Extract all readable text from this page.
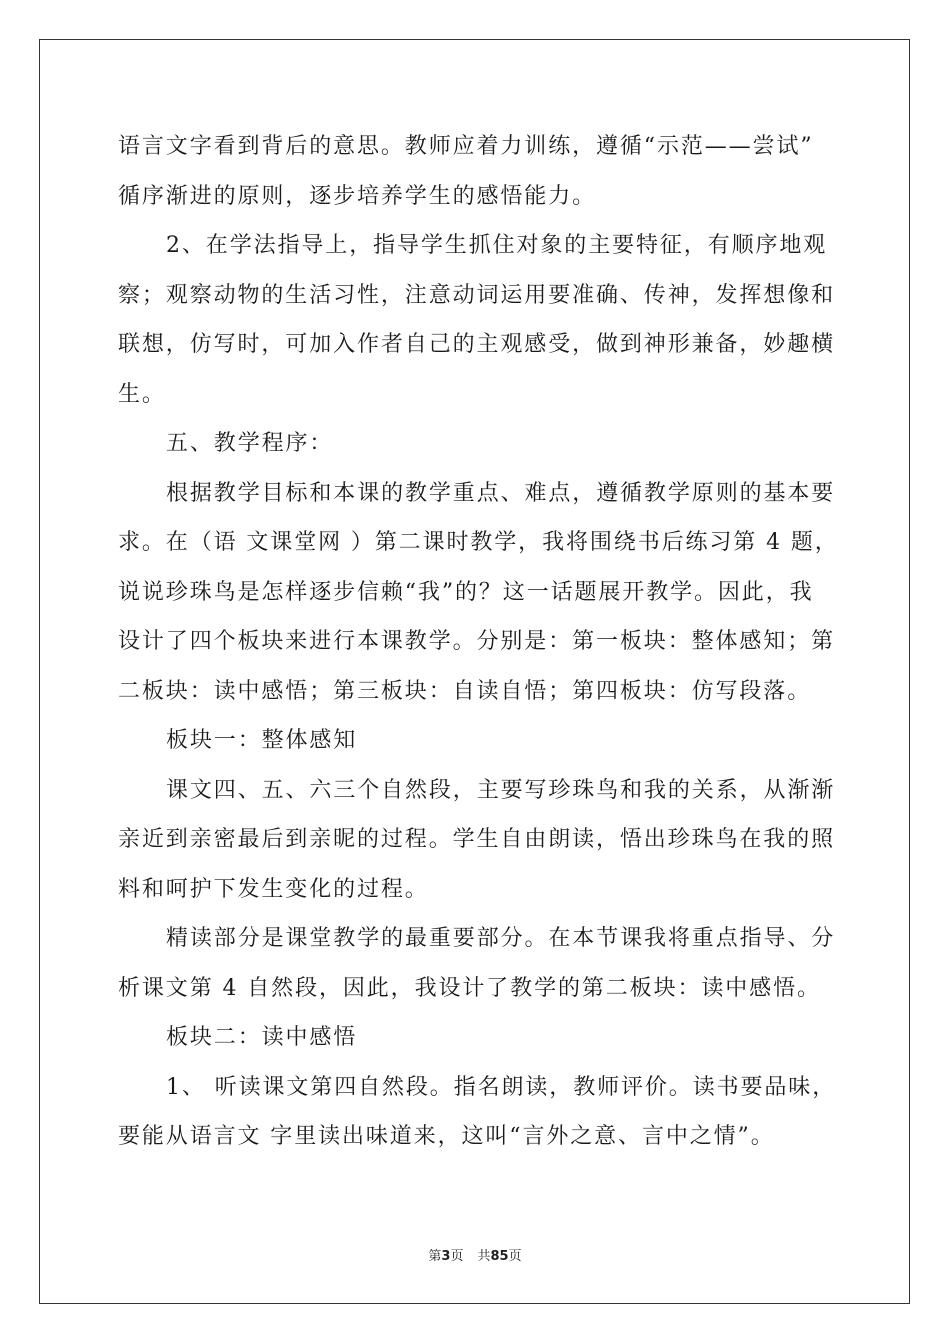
语言文字看到背后的意思。教师应着力训练，遵循“示范——尝试”
循序渐进的原则，逐步培养学生的感悟能力。
2、在学法指导上，指导学生抓住对象的主要特征，有顺序地观
察；观察动物的生活习性，注意动词运用要准确、传神，发挥想像和
联想，仿写时，可加入作者自己的主观感受，做到神形兼备，妙趣横
生。
五、教学程序：
根据教学目标和本课的教学重点、难点，遵循教学原则的基本要
求。在（语 文课堂网 ）第二课时教学，我将围绕书后练习第 4 题，
说说珍珠鸟是怎样逐步信赖“我”的？这一话题展开教学。因此，我
设计了四个板块来进行本课教学。分别是：第一板块：整体感知；第
二板块：读中感悟；第三板块：自读自悟；第四板块：仿写段落。
板块一：整体感知
课文四、五、六三个自然段，主要写珍珠鸟和我的关系，从渐渐
亲近到亲密最后到亲昵的过程。学生自由朗读，悟出珍珠鸟在我的照
料和呵护下发生变化的过程。
精读部分是课堂教学的最重要部分。在本节课我将重点指导、分
析课文第 4 自然段，因此，我设计了教学的第二板块：读中感悟。
板块二：读中感悟
1、 听读课文第四自然段。指名朗读，教师评价。读书要品味，
要能从语言文 字里读出味道来，这叫“言外之意、言中之情”。
第3页 共85页
